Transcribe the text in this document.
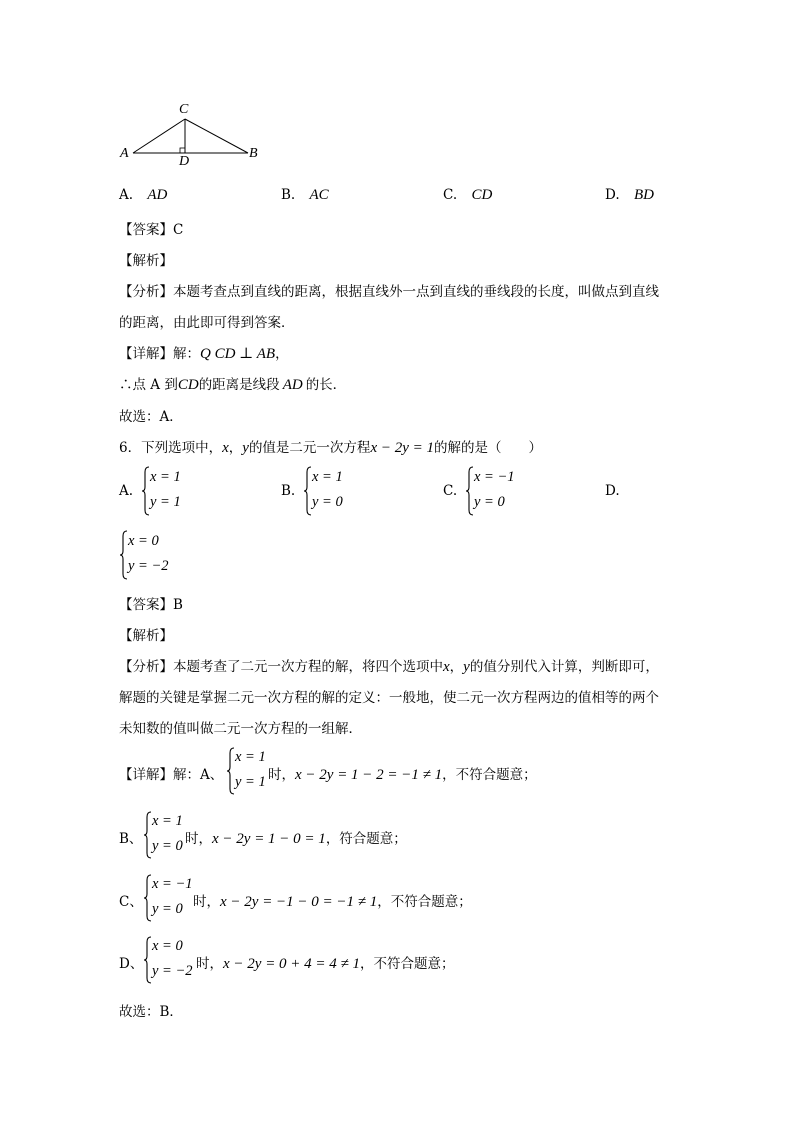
C
A
D
B
A. AD	B. AC	C. CD	D. BD
【答案】C
【解析】
【分析】本题考查点到直线的距离，根据直线外一点到直线的垂线段的长度，叫做点到直线
的距离，由此即可得到答案．
【详解】解：Q CD ⊥ AB，
∴点 A 到CD的距离是线段 AD 的长．
故选：A．
6．下列选项中，x，y的值是二元一次方程x − 2y = 1的解的是（　　）
A.
x = 1
y = 1
B.
x = 1
y = 0
C.
x = −1
y = 0
D.
x = 0
y = −2
【答案】B
【解析】
【分析】本题考查了二元一次方程的解，将四个选项中x，y的值分别代入计算，判断即可，
解题的关键是掌握二元一次方程的解的定义：一般地，使二元一次方程两边的值相等的两个
未知数的值叫做二元一次方程的一组解．
【详解】解：A、
x = 1
y = 1 时，x − 2y = 1 − 2 = −1 ≠ 1，不符合题意；
B、
x = 1
y = 0 时，x − 2y = 1 − 0 = 1，符合题意；
C、
x = −1
y = 0 时，x − 2y = −1 − 0 = −1 ≠ 1，不符合题意；
D、
x = 0
y = −2 时，x − 2y = 0 + 4 = 4 ≠ 1，不符合题意；
故选：B．
